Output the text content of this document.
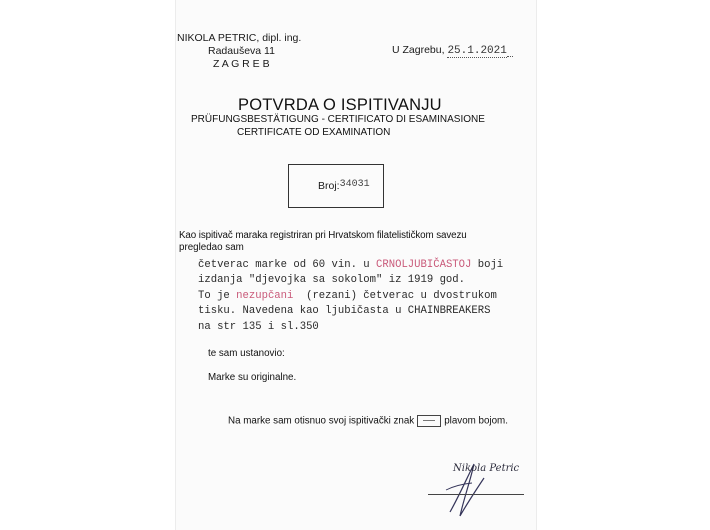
NIKOLA PETRIC, dipl. ing.
Radauševa 11
Z A G R E B
U Zagrebu, 25.1.2021
POTVRDA O ISPITIVANJU
PRÜFUNGSBESTÄTIGUNG - CERTIFICATO DI ESAMINASIONE
CERTIFICATE OD EXAMINATION
Broj:34031
Kao ispitivač maraka registriran pri Hrvatskom filatelističkom savezu
pregledao sam
četverac marke od 60 vin. u CRNOLJUBIČASTOJ boji
izdanja "djevojka sa sokolom" iz 1919 god.
To je nezupčani  (rezani) četverac u dvostrukom
tisku. Navedena kao ljubičasta u CHAINBREAKERS
na str 135 i sl.350
te sam ustanovio:
Marke su originalne.
Na marke sam otisnuo svoj ispitivački znak	plavom bojom.
Nikola Petric
